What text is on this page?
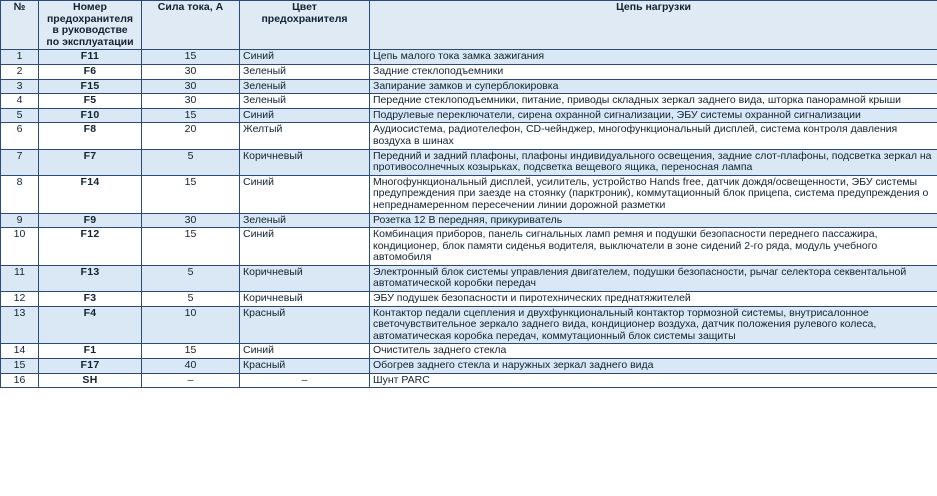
№	Номер
предохранителя
в руководстве
по эксплуатации
	Сила тока, А	Цвет
предохранителя
	Цепь нагрузки
1	F11	15	Синий	Цепь малого тока замка зажигания
2	F6	30	Зеленый	Задние стеклоподъемники
3	F15	30	Зеленый	Запирание замков и суперблокировка
4	F5	30	Зеленый	Передние стеклоподъемники, питание, приводы складных зеркал заднего вида, шторка панорамной крыши
5	F10	15	Синий	Подрулевые переключатели, сирена охранной сигнализации, ЭБУ системы охранной сигнализации
6	F8	20	Желтый	Аудиосистема, радиотелефон, CD-чейнджер, многофункциональный дисплей, система контроля давления воздуха в шинах
7	F7	5	Коричневый	Передний и задний плафоны, плафоны индивидуального освещения, задние слот-плафоны, подсветка зеркал на противосолнечных козырьках, подсветка вещевого ящика, переносная лампа
8	F14	15	Синий	Многофункциональный дисплей, усилитель, устройство Hands free, датчик дождя/освещенности, ЭБУ системы предупреждения при заезде на стоянку (парктроник), коммутационный блок прицепа, система предупреждения о непреднамеренном пересечении линии дорожной разметки
9	F9	30	Зеленый	Розетка 12 В передняя, прикуриватель
10	F12	15	Синий	Комбинация приборов, панель сигнальных ламп ремня и подушки безопасности переднего пассажира, кондиционер, блок памяти сиденья водителя, выключатели в зоне сидений 2-го ряда, модуль учебного автомобиля
11	F13	5	Коричневый	Электронный блок системы управления двигателем, подушки безопасности, рычаг селектора секвентальной автоматической коробки передач
12	F3	5	Коричневый	ЭБУ подушек безопасности и пиротехнических преднатяжителей
13	F4	10	Красный	Контактор педали сцепления и двухфункциональный контактор тормозной системы, внутрисалонное светочувствительное зеркало заднего вида, кондиционер воздуха, датчик положения рулевого колеса, автоматическая коробка передач, коммутационный блок системы защиты
14	F1	15	Синий	Очиститель заднего стекла
15	F17	40	Красный	Обогрев заднего стекла и наружных зеркал заднего вида
16	SH	–	–	Шунт PARC
